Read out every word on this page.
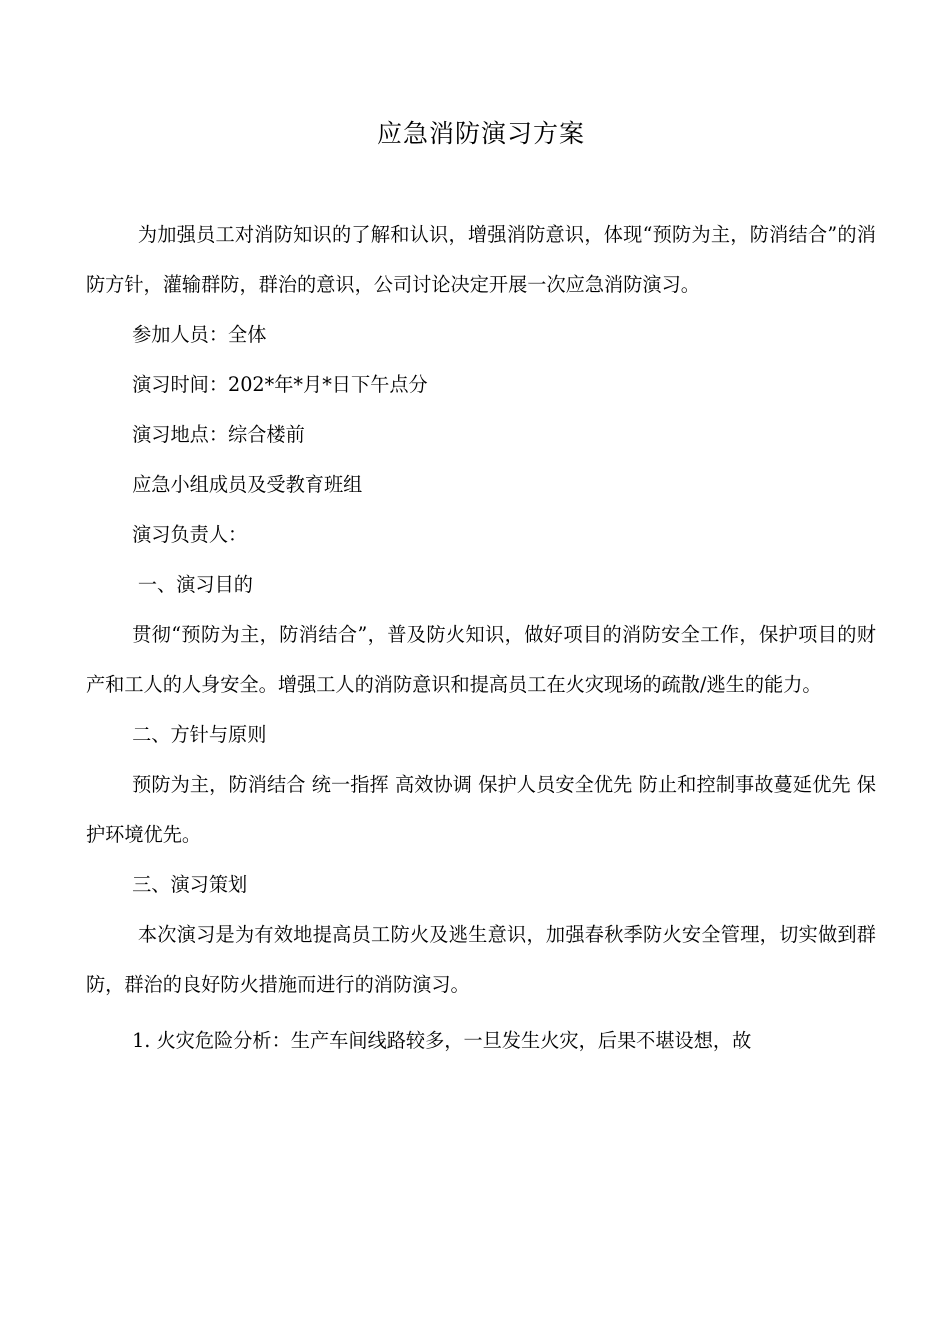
应急消防演习方案

为加强员工对消防知识的了解和认识，增强消防意识，体现“预防为主，防消结合”的消防方针，灌输群防，群治的意识，公司讨论决定开展一次应急消防演习。

参加人员：全体

演习时间：202*年*月*日下午点分

演习地点：综合楼前

应急小组成员及受教育班组

演习负责人：

一、演习目的

贯彻“预防为主，防消结合”，普及防火知识，做好项目的消防安全工作，保护项目的财产和工人的人身安全。增强工人的消防意识和提高员工在火灾现场的疏散/逃生的能力。

二、方针与原则

预防为主，防消结合 统一指挥 高效协调 保护人员安全优先 防止和控制事故蔓延优先 保护环境优先。

三、演习策划

本次演习是为有效地提高员工防火及逃生意识，加强春秋季防火安全管理，切实做到群防，群治的良好防火措施而进行的消防演习。

1. 火灾危险分析：生产车间线路较多，一旦发生火灾，后果不堪设想，故
